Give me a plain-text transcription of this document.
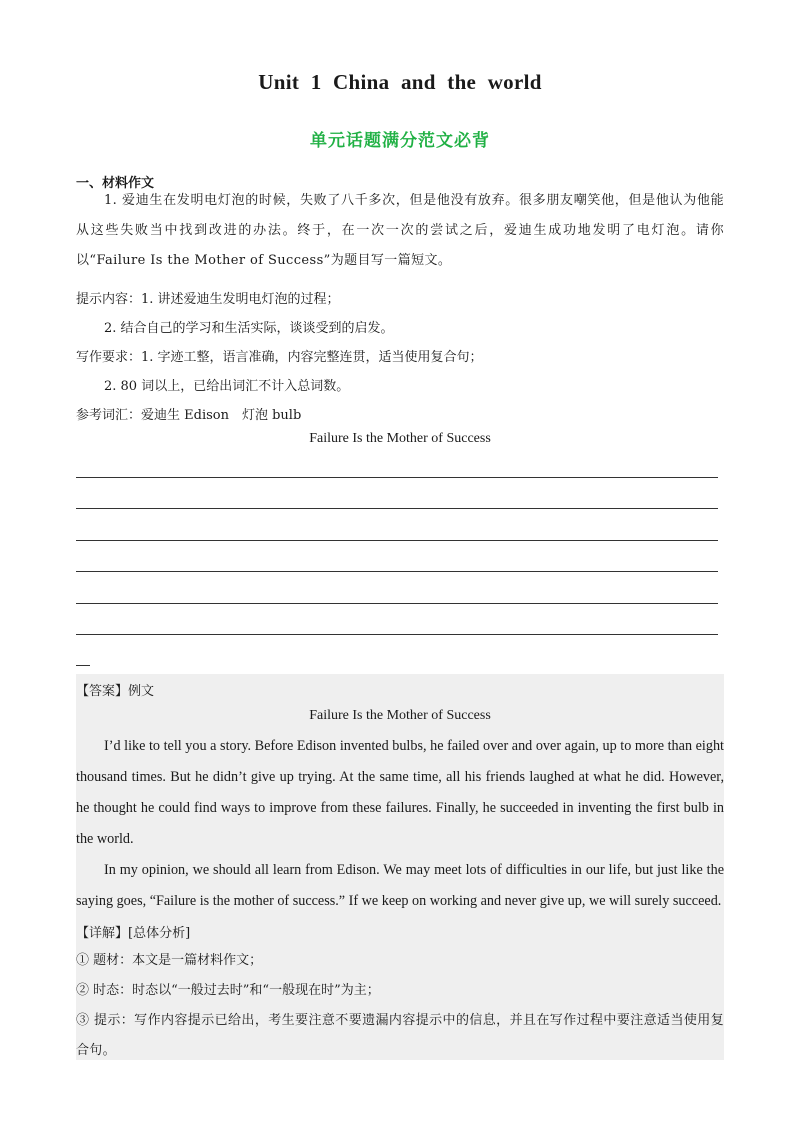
Unit 1 China and the world
单元话题满分范文必背
一、材料作文
1. 爱迪生在发明电灯泡的时候，失败了八千多次，但是他没有放弃。很多朋友嘲笑他，但是他认为他能从这些失败当中找到改进的办法。终于，在一次一次的尝试之后，爱迪生成功地发明了电灯泡。请你以“Failure Is the Mother of Success”为题目写一篇短文。
提示内容：1. 讲述爱迪生发明电灯泡的过程；
2. 结合自己的学习和生活实际，谈谈受到的启发。
写作要求：1. 字迹工整，语言准确，内容完整连贯，适当使用复合句；
2. 80 词以上，已给出词汇不计入总词数。
参考词汇：爱迪生 Edison　灯泡 bulb
Failure Is the Mother of Success
【答案】例文
Failure Is the Mother of Success
I’d like to tell you a story. Before Edison invented bulbs, he failed over and over again, up to more than eight thousand times. But he didn’t give up trying. At the same time, all his friends laughed at what he did. However, he thought he could find ways to improve from these failures. Finally, he succeeded in inventing the first bulb in the world.
In my opinion, we should all learn from Edison. We may meet lots of difficulties in our life, but just like the saying goes, “Failure is the mother of success.” If we keep on working and never give up, we will surely succeed.
【详解】[总体分析]
① 题材：本文是一篇材料作文；
② 时态：时态以“一般过去时”和“一般现在时”为主；
③ 提示：写作内容提示已给出，考生要注意不要遗漏内容提示中的信息，并且在写作过程中要注意适当使用复合句。
